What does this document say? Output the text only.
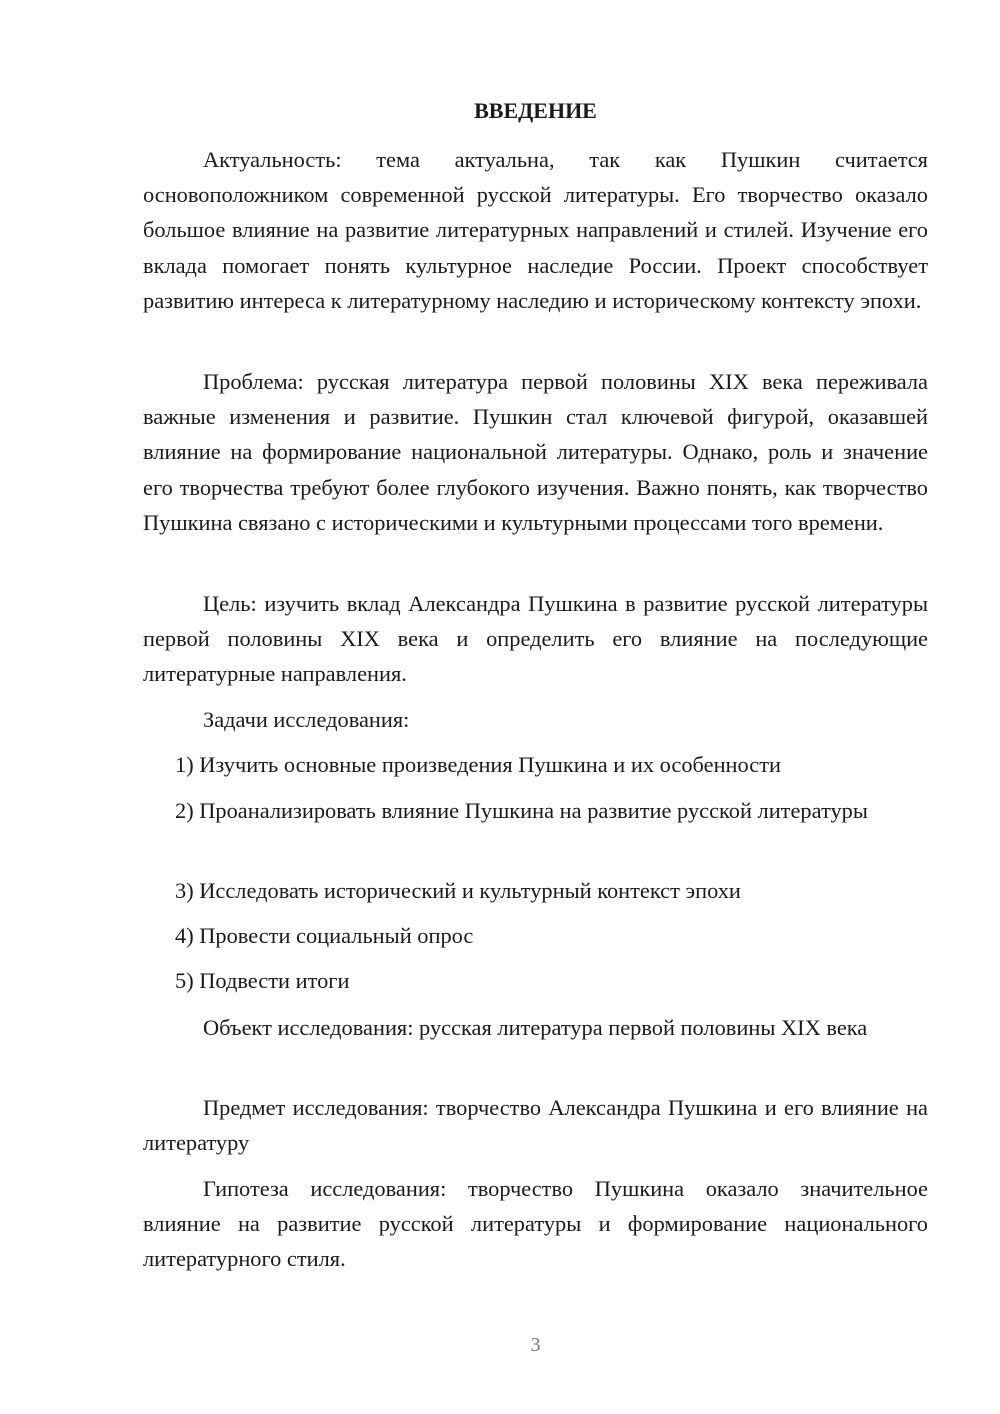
ВВЕДЕНИЕ

Актуальность: тема актуальна, так как Пушкин считается основоположником современной русской литературы. Его творчество оказало большое влияние на развитие литературных направлений и стилей. Изучение его вклада помогает понять культурное наследие России. Проект способствует развитию интереса к литературному наследию и историческому контексту эпохи.

Проблема: русская литература первой половины XIX века переживала важные изменения и развитие. Пушкин стал ключевой фигурой, оказавшей влияние на формирование национальной литературы. Однако, роль и значение его творчества требуют более глубокого изучения. Важно понять, как творчество Пушкина связано с историческими и культурными процессами того времени.

Цель: изучить вклад Александра Пушкина в развитие русской литературы первой половины XIX века и определить его влияние на последующие литературные направления.

Задачи исследования:

1) Изучить основные произведения Пушкина и их особенности

2) Проанализировать влияние Пушкина на развитие русской литературы

3) Исследовать исторический и культурный контекст эпохи

4) Провести социальный опрос

5) Подвести итоги

Объект исследования: русская литература первой половины XIX века

Предмет исследования: творчество Александра Пушкина и его влияние на литературу

Гипотеза исследования: творчество Пушкина оказало значительное влияние на развитие русской литературы и формирование национального литературного стиля.

3
